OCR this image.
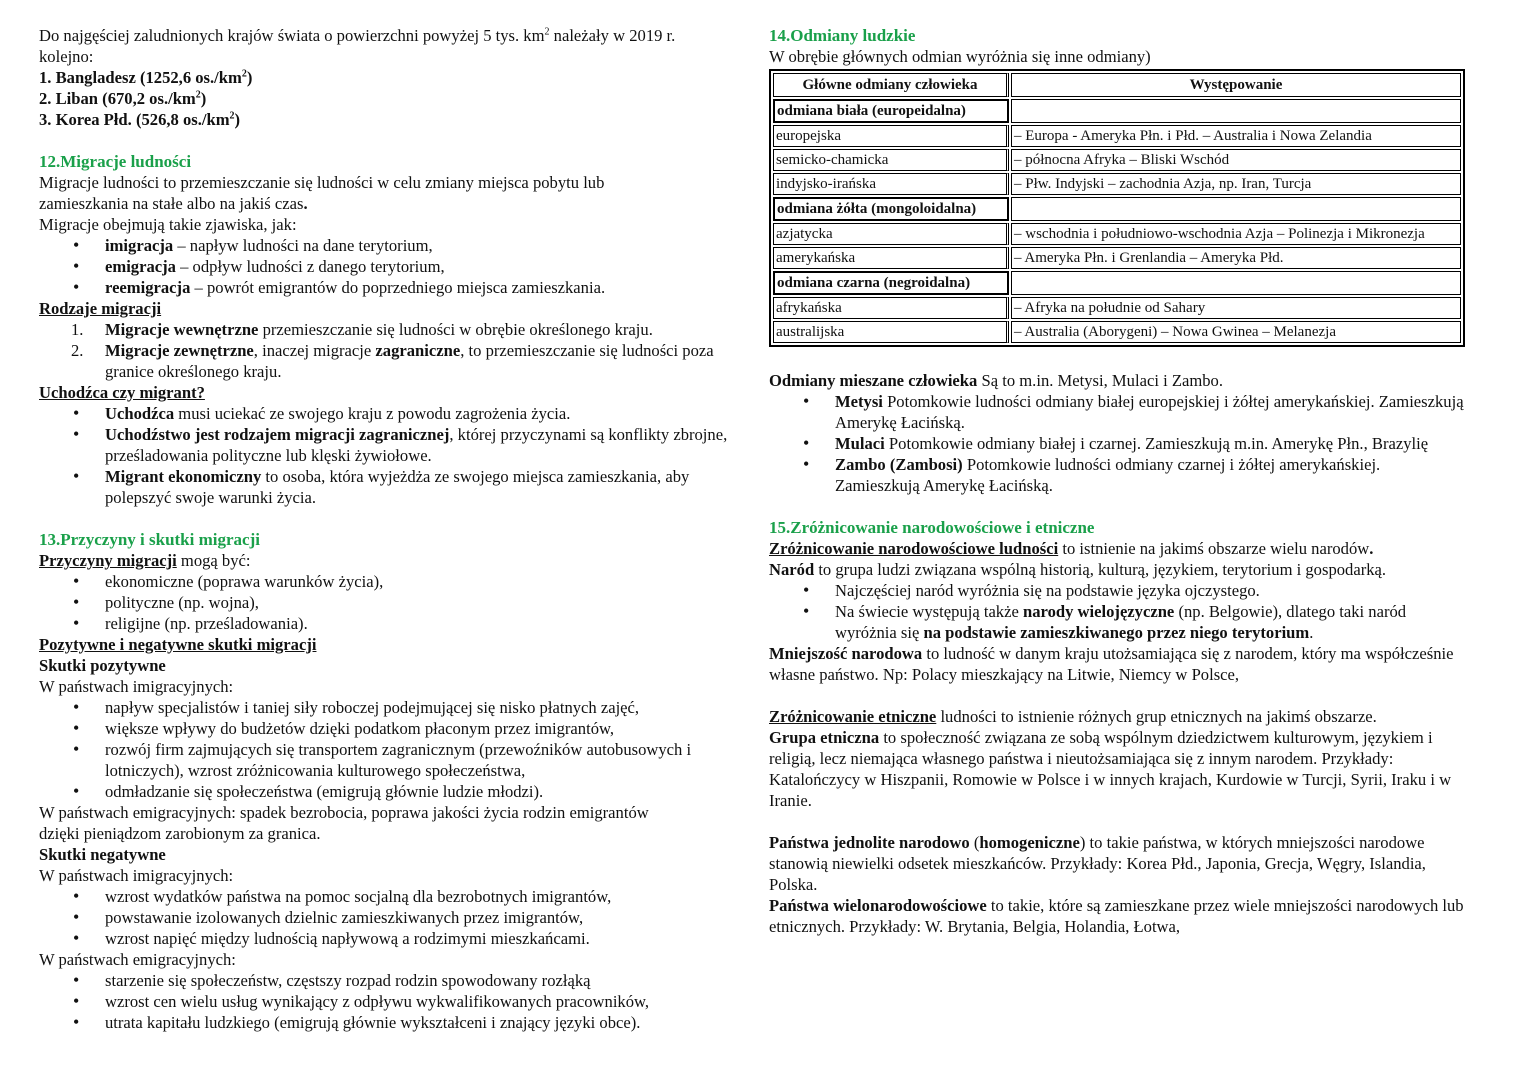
Do najgęściej zaludnionych krajów świata o powierzchni powyżej 5 tys. $km^2$ należały w 2019 r.

kolejno:

1. Bangladesz (1252,6 $os./km^2$)

2. Liban (670,2 $os./km^2$)

3. Korea Płd. (526,8 $os./km^2$)

12.Migracje ludności

Migracje ludności to przemieszczanie się ludności w celu zmiany miejsca pobytu lub

zamieszkania na stałe albo na jakiś czas.

Migracje obejmują takie zjawiska, jak:

• imigracja – napływ ludności na dane terytorium,
• emigracja – odpływ ludności z danego terytorium,
• reemigracja – powrót emigrantów do poprzedniego miejsca zamieszkania.

Rodzaje migracji

1. Migracje wewnętrzne przemieszczanie się ludności w obrębie określonego kraju.
2. Migracje zewnętrzne, inaczej migracje zagraniczne, to przemieszczanie się ludności poza granice określonego kraju.

Uchodźca czy migrant?

• Uchodźca musi uciekać ze swojego kraju z powodu zagrożenia życia.
• Uchodźstwo jest rodzajem migracji zagranicznej, której przyczynami są konflikty zbrojne, prześladowania polityczne lub klęski żywiołowe.
• Migrant ekonomiczny to osoba, która wyjeżdża ze swojego miejsca zamieszkania, aby polepszyć swoje warunki życia.

13.Przyczyny i skutki migracji

Przyczyny migracji mogą być:

• ekonomiczne (poprawa warunków życia),
• polityczne (np. wojna),
• religijne (np. prześladowania).

Pozytywne i negatywne skutki migracji

Skutki pozytywne

W państwach imigracyjnych:

• napływ specjalistów i taniej siły roboczej podejmującej się nisko płatnych zajęć,
• większe wpływy do budżetów dzięki podatkom płaconym przez imigrantów,
• rozwój firm zajmujących się transportem zagranicznym (przewoźników autobusowych i lotniczych), wzrost zróżnicowania kulturowego społeczeństwa,
• odmładzanie się społeczeństwa (emigrują głównie ludzie młodzi).

W państwach emigracyjnych: spadek bezrobocia, poprawa jakości życia rodzin emigrantów

dzięki pieniądzom zarobionym za granica.

Skutki negatywne

W państwach imigracyjnych:

• wzrost wydatków państwa na pomoc socjalną dla bezrobotnych imigrantów,
• powstawanie izolowanych dzielnic zamieszkiwanych przez imigrantów,
• wzrost napięć między ludnością napływową a rodzimymi mieszkańcami.

W państwach emigracyjnych:

• starzenie się społeczeństw, częstszy rozpad rodzin spowodowany rozłąką
• wzrost cen wielu usług wynikający z odpływu wykwalifikowanych pracowników,
• utrata kapitału ludzkiego (emigrują głównie wykształceni i znający języki obce).

14.Odmiany ludzkie

W obrębie głównych odmian wyróżnia się inne odmiany)

Główne odmiany człowieka	Występowanie
odmiana biała (europeidalna)	
europejska	– Europa - Ameryka Płn. i Płd. – Australia i Nowa Zelandia
semicko-chamicka	– północna Afryka – Bliski Wschód
indyjsko-irańska	– Płw. Indyjski – zachodnia Azja, np. Iran, Turcja
odmiana żółta (mongoloidalna)	
azjatycka	– wschodnia i południowo-wschodnia Azja – Polinezja i Mikronezja
amerykańska	– Ameryka Płn. i Grenlandia – Ameryka Płd.
odmiana czarna (negroidalna)	
afrykańska	– Afryka na południe od Sahary
australijska	– Australia (Aborygeni) – Nowa Gwinea – Melanezja

Odmiany mieszane człowieka Są to m.in. Metysi, Mulaci i Zambo.

• Metysi Potomkowie ludności odmiany białej europejskiej i żółtej amerykańskiej. Zamieszkują Amerykę Łacińską.
• Mulaci Potomkowie odmiany białej i czarnej. Zamieszkują m.in. Amerykę Płn., Brazylię
• Zambo (Zambosi) Potomkowie ludności odmiany czarnej i żółtej amerykańskiej. Zamieszkują Amerykę Łacińską.

15.Zróżnicowanie narodowościowe i etniczne

Zróżnicowanie narodowościowe ludności to istnienie na jakimś obszarze wielu narodów.

Naród to grupa ludzi związana wspólną historią, kulturą, językiem, terytorium i gospodarką.

• Najczęściej naród wyróżnia się na podstawie języka ojczystego.
• Na świecie występują także narody wielojęzyczne (np. Belgowie), dlatego taki naród wyróżnia się na podstawie zamieszkiwanego przez niego terytorium.

Mniejszość narodowa to ludność w danym kraju utożsamiająca się z narodem, który ma współcześnie własne państwo. Np: Polacy mieszkający na Litwie, Niemcy w Polsce,

Zróżnicowanie etniczne ludności to istnienie różnych grup etnicznych na jakimś obszarze.

Grupa etniczna to społeczność związana ze sobą wspólnym dziedzictwem kulturowym, językiem i religią, lecz niemająca własnego państwa i nieutożsamiająca się z innym narodem. Przykłady: Katalończycy w Hiszpanii, Romowie w Polsce i w innych krajach, Kurdowie w Turcji, Syrii, Iraku i w Iranie.

Państwa jednolite narodowo (homogeniczne) to takie państwa, w których mniejszości narodowe stanowią niewielki odsetek mieszkańców. Przykłady: Korea Płd., Japonia, Grecja, Węgry, Islandia, Polska.

Państwa wielonarodowościowe to takie, które są zamieszkane przez wiele mniejszości narodowych lub etnicznych. Przykłady: W. Brytania, Belgia, Holandia, Łotwa,
